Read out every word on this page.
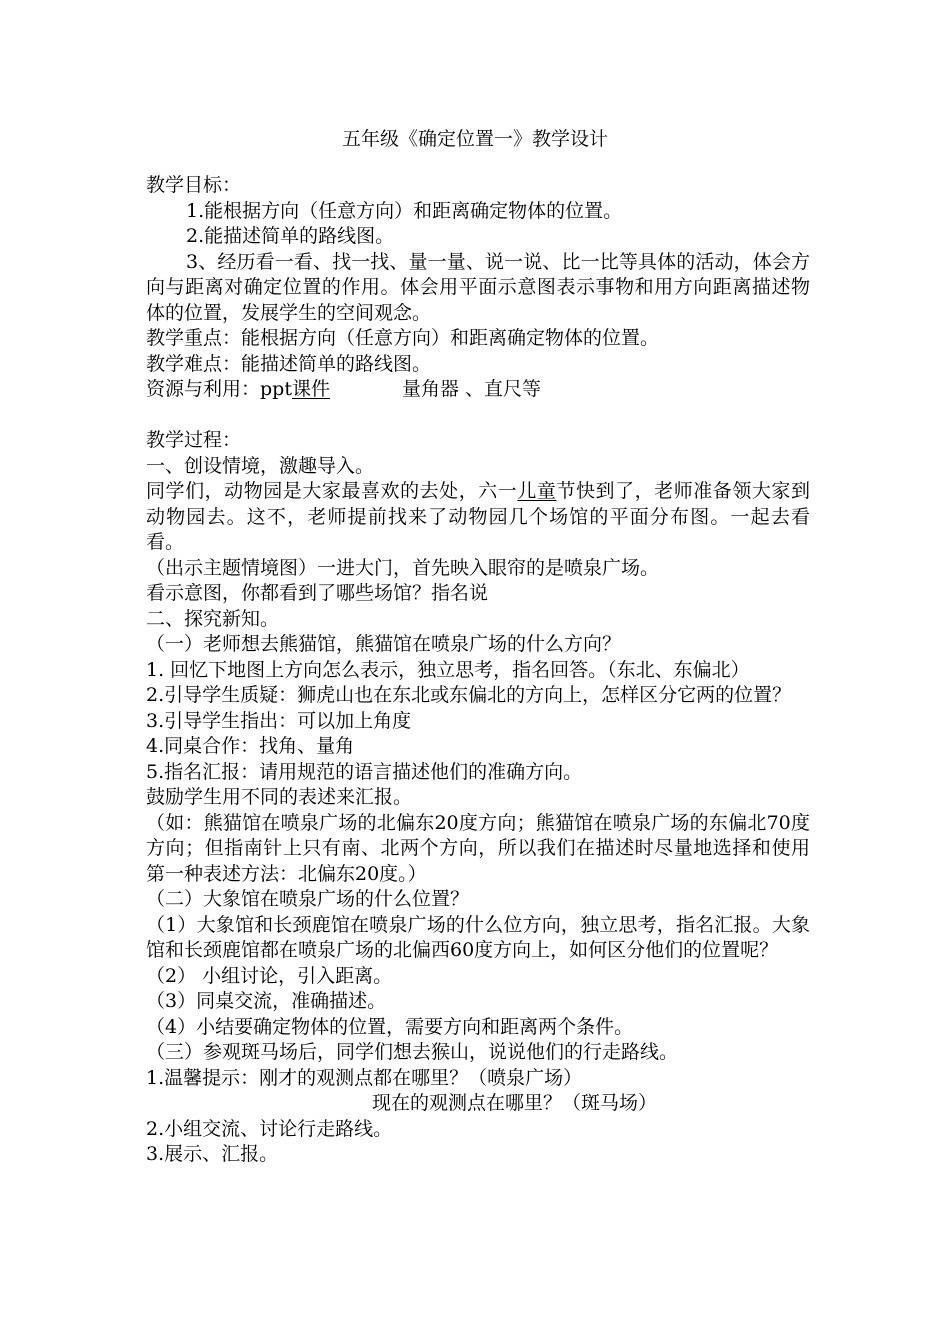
五年级《确定位置一》教学设计

教学目标：

1.能根据方向（任意方向）和距离确定物体的位置。

2.能描述简单的路线图。

3、经历看一看、找一找、量一量、说一说、比一比等具体的活动，体会方向与距离对确定位置的作用。体会用平面示意图表示事物和用方向距离描述物体的位置，发展学生的空间观念。

教学重点：能根据方向（任意方向）和距离确定物体的位置。

教学难点：能描述简单的路线图。

资源与利用：ppt课件	量角器 、直尺等

教学过程：

一、创设情境，激趣导入。

同学们，动物园是大家最喜欢的去处，六一儿童节快到了，老师准备领大家到动物园去。这不，老师提前找来了动物园几个场馆的平面分布图。一起去看看。

（出示主题情境图）一进大门，首先映入眼帘的是喷泉广场。

看示意图，你都看到了哪些场馆？指名说

二、探究新知。

（一）老师想去熊猫馆，熊猫馆在喷泉广场的什么方向？

1. 回忆下地图上方向怎么表示，独立思考，指名回答。（东北、东偏北）

2.引导学生质疑：狮虎山也在东北或东偏北的方向上，怎样区分它两的位置？

3.引导学生指出：可以加上角度

4.同桌合作：找角、量角

5.指名汇报：请用规范的语言描述他们的准确方向。

鼓励学生用不同的表述来汇报。

（如：熊猫馆在喷泉广场的北偏东20度方向；熊猫馆在喷泉广场的东偏北70度方向；但指南针上只有南、北两个方向，所以我们在描述时尽量地选择和使用第一种表述方法：北偏东20度。）

（二）大象馆在喷泉广场的什么位置？

（1）大象馆和长颈鹿馆在喷泉广场的什么位方向，独立思考，指名汇报。大象馆和长颈鹿馆都在喷泉广场的北偏西60度方向上，如何区分他们的位置呢？

（2） 小组讨论，引入距离。

（3）同桌交流，准确描述。

（4）小结要确定物体的位置，需要方向和距离两个条件。

（三）参观斑马场后，同学们想去猴山，说说他们的行走路线。

1.温馨提示：刚才的观测点都在哪里？（喷泉广场）

现在的观测点在哪里？（斑马场）

2.小组交流、讨论行走路线。

3.展示、汇报。
